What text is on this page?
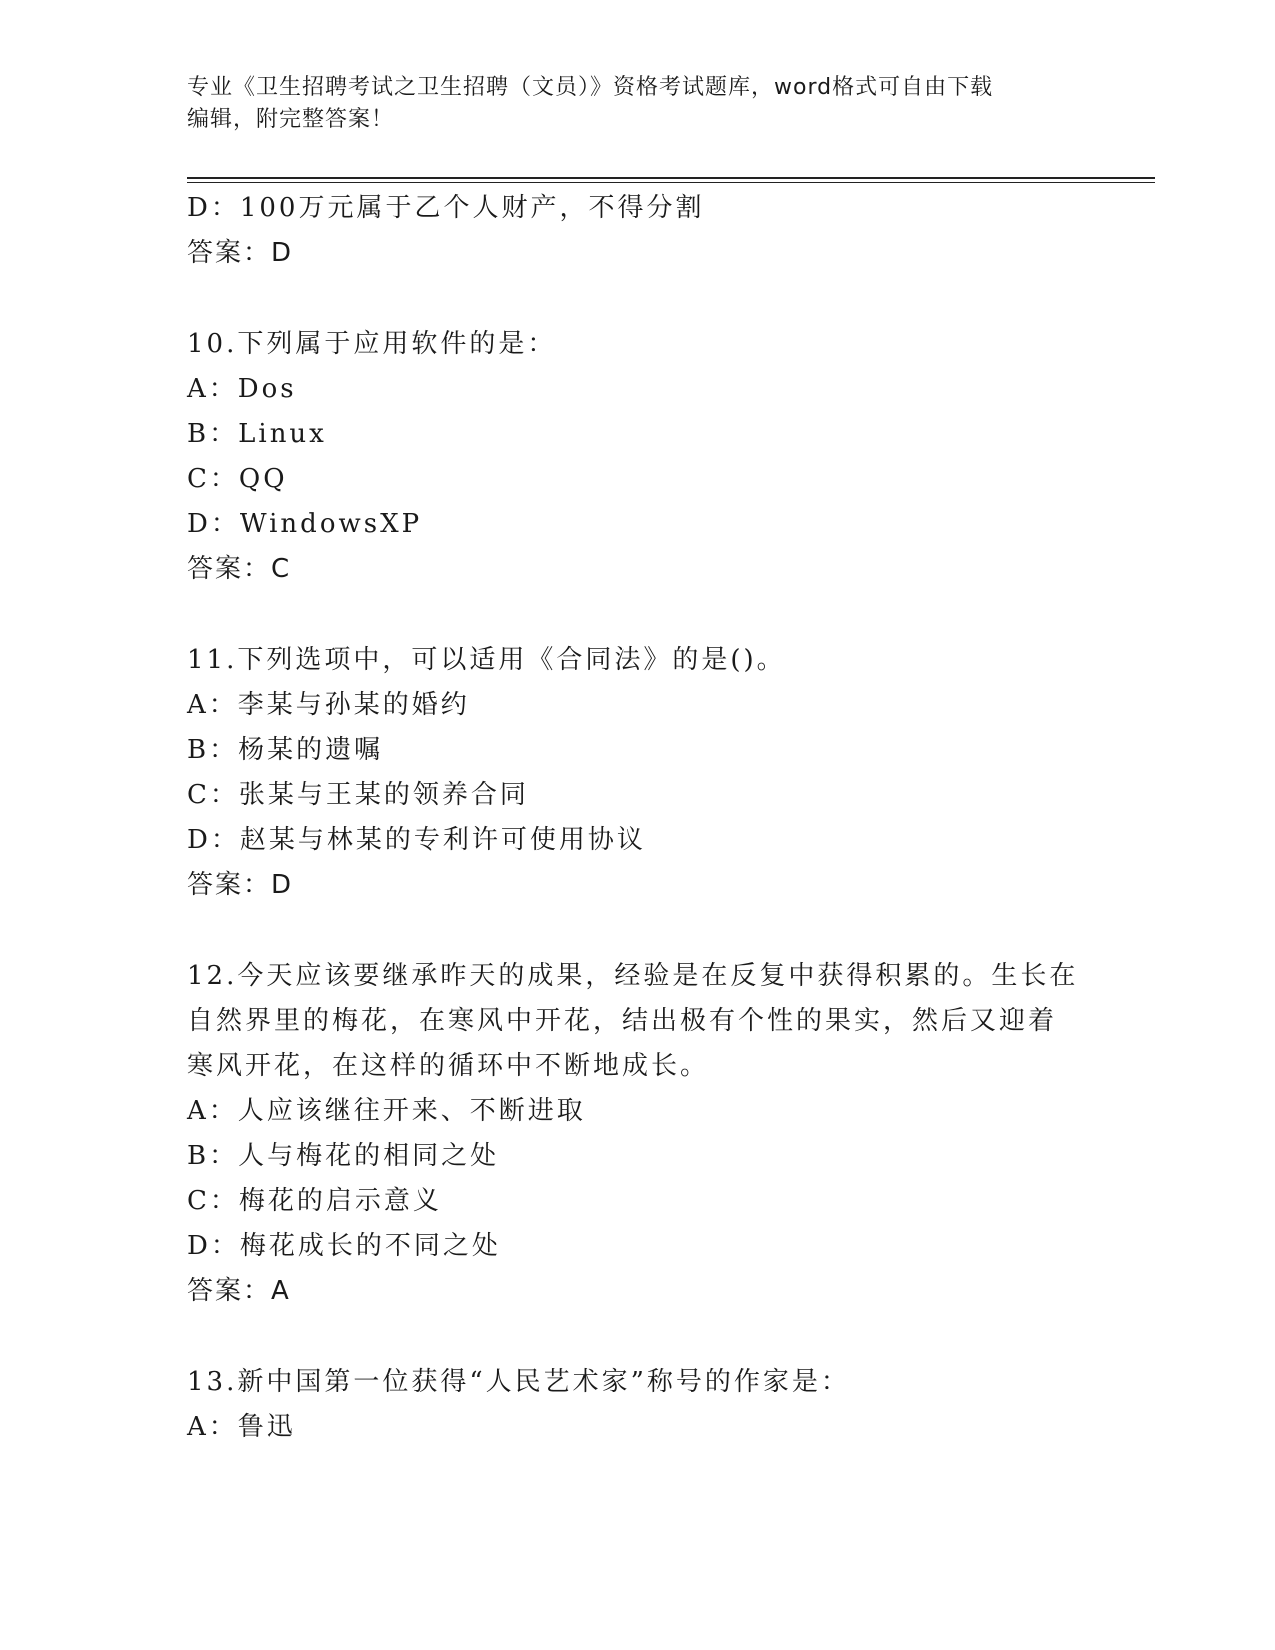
专业《卫生招聘考试之卫生招聘（文员）》资格考试题库，word格式可自由下载
编辑，附完整答案！
D：100万元属于乙个人财产，不得分割
答案：D
10.下列属于应用软件的是：
A：Dos
B：Linux
C：QQ
D：WindowsXP
答案：C
11.下列选项中，可以适用《合同法》的是()。
A：李某与孙某的婚约
B：杨某的遗嘱
C：张某与王某的领养合同
D：赵某与林某的专利许可使用协议
答案：D
12.今天应该要继承昨天的成果，经验是在反复中获得积累的。生长在
自然界里的梅花，在寒风中开花，结出极有个性的果实，然后又迎着
寒风开花，在这样的循环中不断地成长。
A：人应该继往开来、不断进取
B：人与梅花的相同之处
C：梅花的启示意义
D：梅花成长的不同之处
答案：A
13.新中国第一位获得“人民艺术家”称号的作家是：
A：鲁迅
